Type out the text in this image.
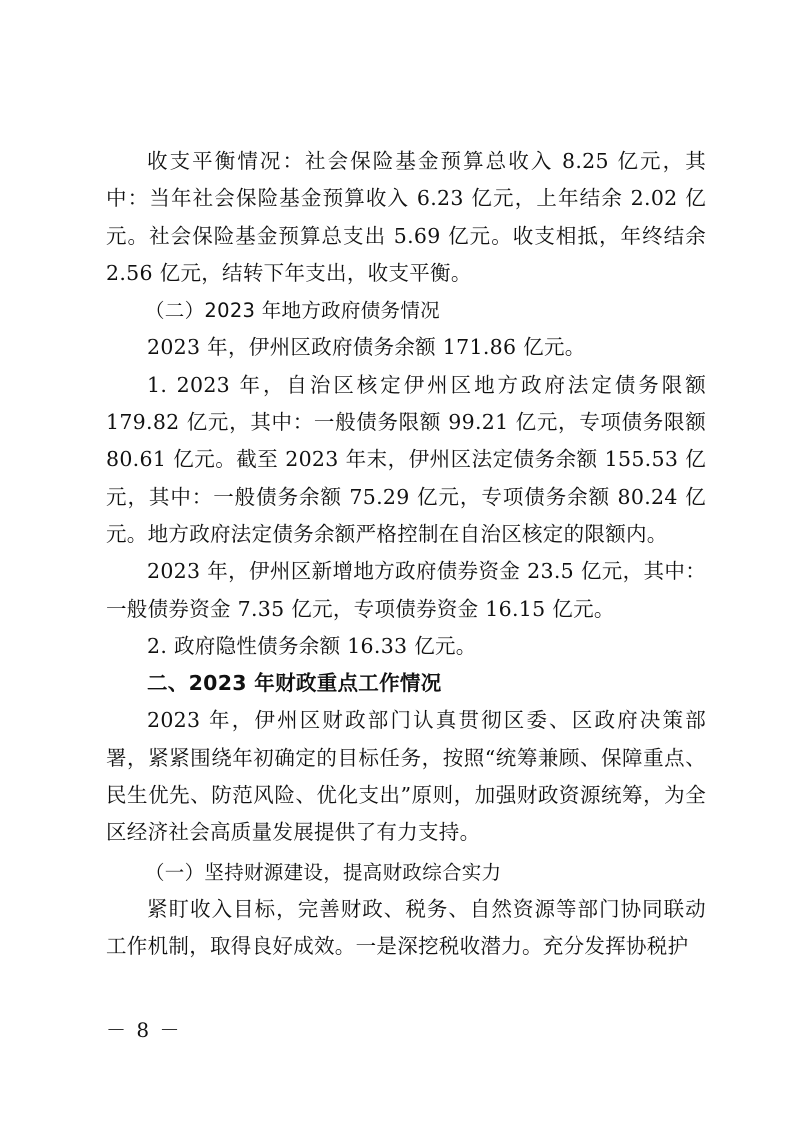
收支平衡情况：社会保险基金预算总收入 8.25 亿元，其中：当年社会保险基金预算收入 6.23 亿元，上年结余 2.02 亿元。社会保险基金预算总支出 5.69 亿元。收支相抵，年终结余 2.56 亿元，结转下年支出，收支平衡。

（二）2023 年地方政府债务情况

2023 年，伊州区政府债务余额 171.86 亿元。

1. 2023 年，自治区核定伊州区地方政府法定债务限额 179.82 亿元，其中：一般债务限额 99.21 亿元，专项债务限额 80.61 亿元。截至 2023 年末，伊州区法定债务余额 155.53 亿元，其中：一般债务余额 75.29 亿元，专项债务余额 80.24 亿元。地方政府法定债务余额严格控制在自治区核定的限额内。

2023 年，伊州区新增地方政府债券资金 23.5 亿元，其中：一般债券资金 7.35 亿元，专项债券资金 16.15 亿元。

2. 政府隐性债务余额 16.33 亿元。

二、2023 年财政重点工作情况

2023 年，伊州区财政部门认真贯彻区委、区政府决策部署，紧紧围绕年初确定的目标任务，按照“统筹兼顾、保障重点、民生优先、防范风险、优化支出”原则，加强财政资源统筹，为全区经济社会高质量发展提供了有力支持。

（一）坚持财源建设，提高财政综合实力

紧盯收入目标，完善财政、税务、自然资源等部门协同联动工作机制，取得良好成效。一是深挖税收潜力。充分发挥协税护

－ 8 －
